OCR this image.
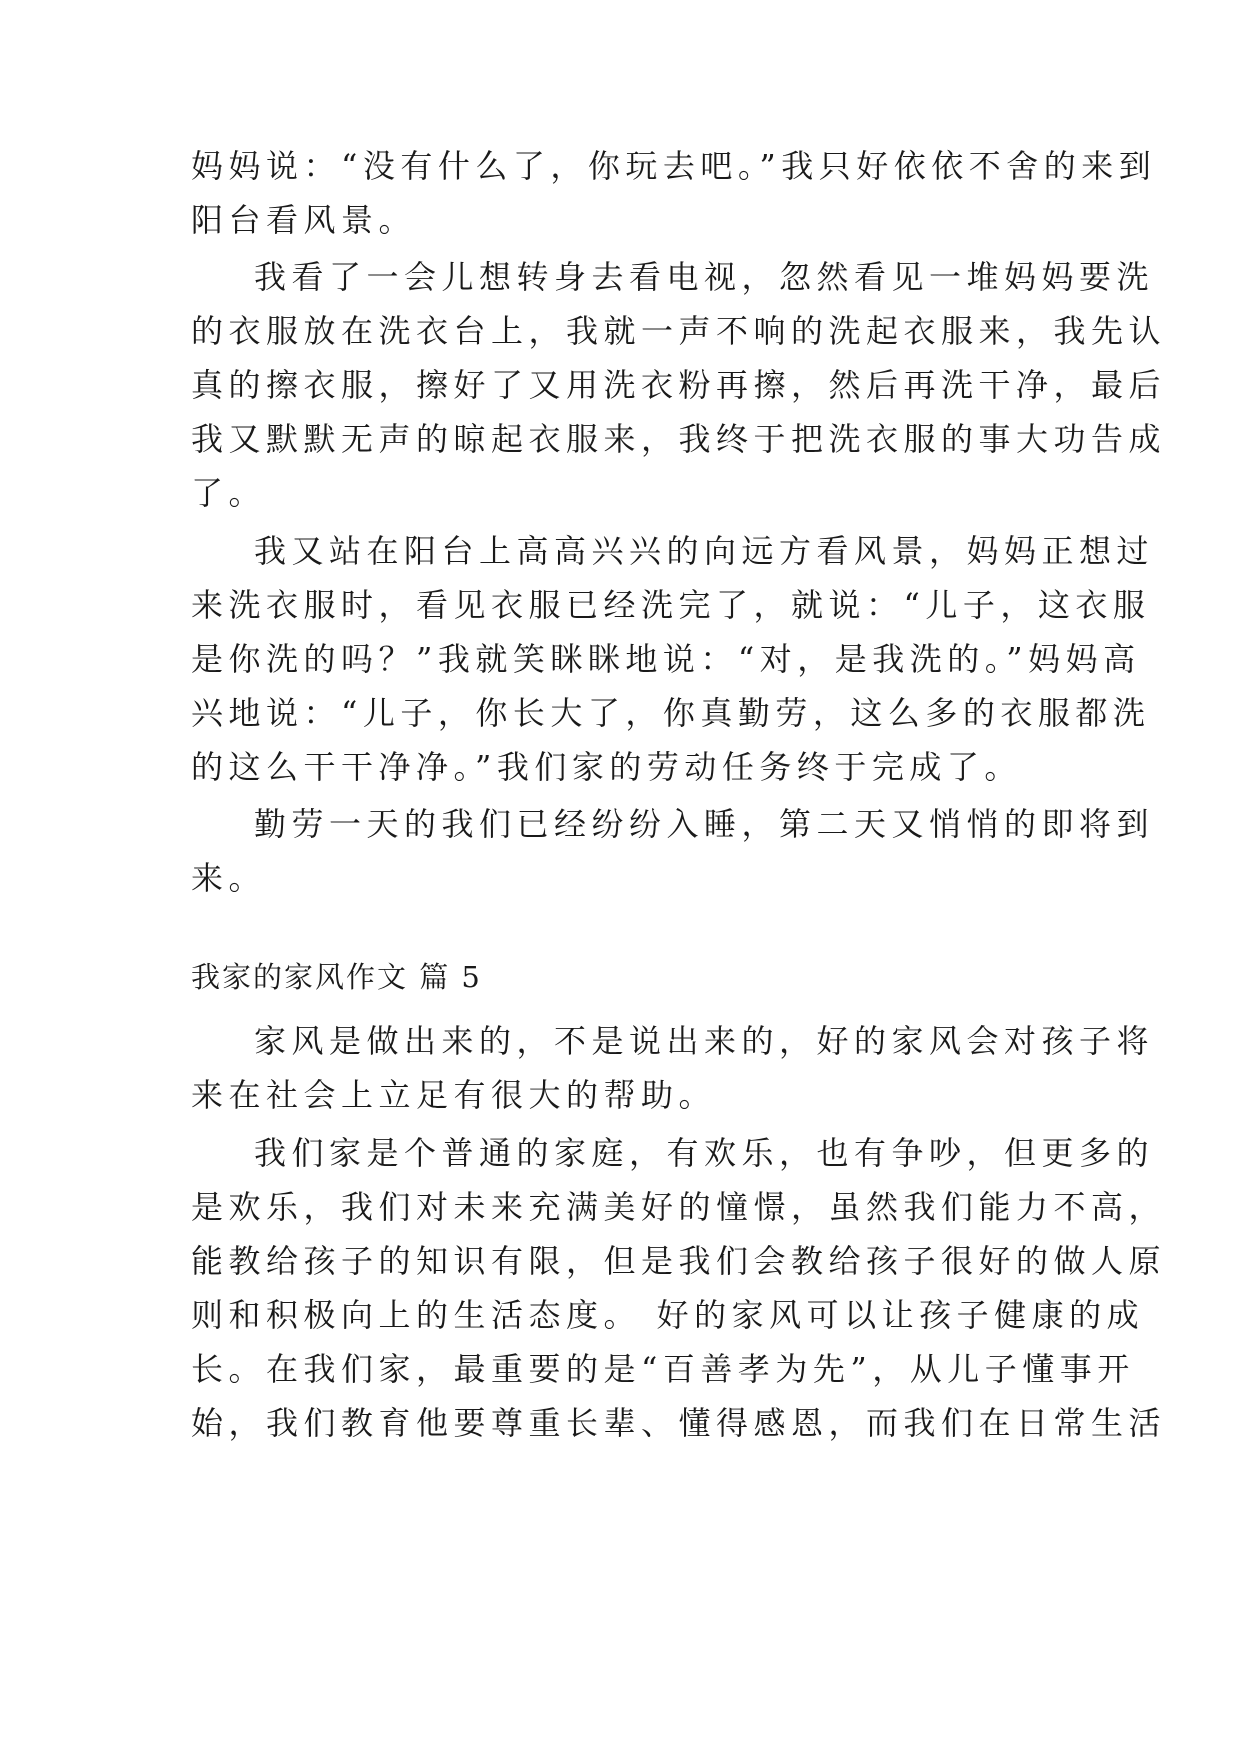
妈妈说：“没有什么了，你玩去吧。”我只好依依不舍的来到
阳台看风景。
我看了一会儿想转身去看电视，忽然看见一堆妈妈要洗
的衣服放在洗衣台上，我就一声不响的洗起衣服来，我先认
真的擦衣服，擦好了又用洗衣粉再擦，然后再洗干净，最后
我又默默无声的晾起衣服来，我终于把洗衣服的事大功告成
了。
我又站在阳台上高高兴兴的向远方看风景，妈妈正想过
来洗衣服时，看见衣服已经洗完了，就说：“儿子，这衣服
是你洗的吗？”我就笑眯眯地说：“对，是我洗的。”妈妈高
兴地说：“儿子，你长大了，你真勤劳，这么多的衣服都洗
的这么干干净净。”我们家的劳动任务终于完成了。
勤劳一天的我们已经纷纷入睡，第二天又悄悄的即将到
来。
我家的家风作文 篇 5
家风是做出来的，不是说出来的，好的家风会对孩子将
来在社会上立足有很大的帮助。
我们家是个普通的家庭，有欢乐，也有争吵，但更多的
是欢乐，我们对未来充满美好的憧憬，虽然我们能力不高，
能教给孩子的知识有限，但是我们会教给孩子很好的做人原
则和积极向上的生活态度。 好的家风可以让孩子健康的成
长。在我们家，最重要的是“百善孝为先”，从儿子懂事开
始，我们教育他要尊重长辈、懂得感恩，而我们在日常生活
